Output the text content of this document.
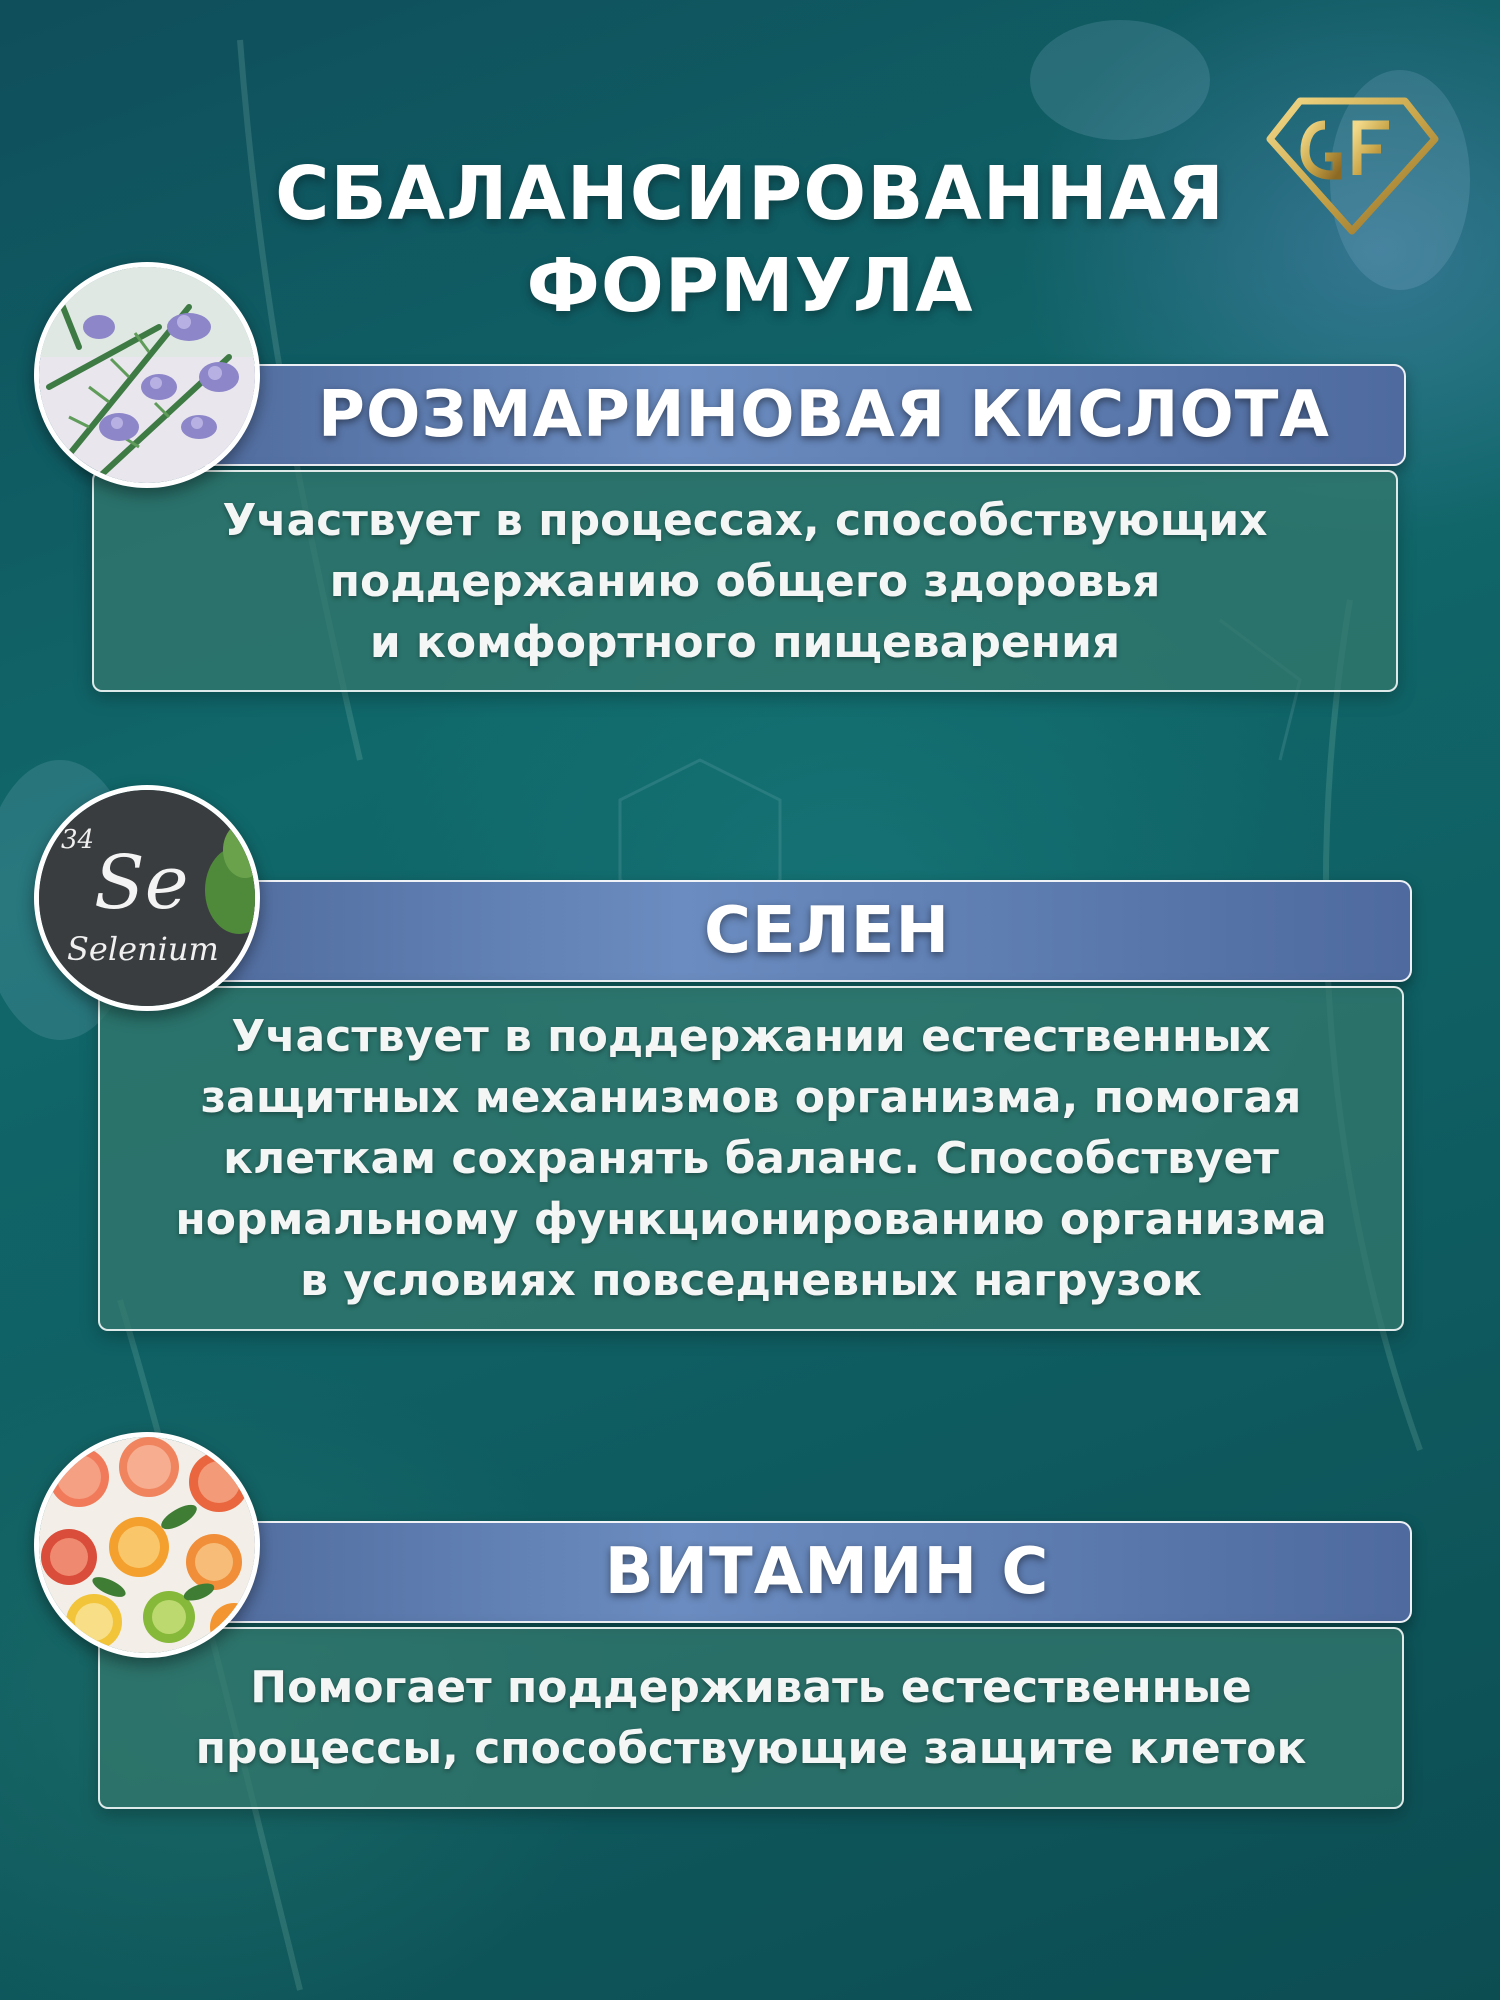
СБАЛАНСИРОВАННАЯ
ФОРМУЛА
РОЗМАРИНОВАЯ КИСЛОТА

Участвует в процессах, способствующих
поддержанию общего здоровья
и комфортного пищеварения

СЕЛЕН

Участвует в поддержании естественных
защитных механизмов организма, помогая
клеткам сохранять баланс. Способствует
нормальному функционированию организма
в условиях повседневных нагрузок

34 Se
Selenium
ВИТАМИН С

Помогает поддерживать естественные
процессы, способствующие защите клеток
